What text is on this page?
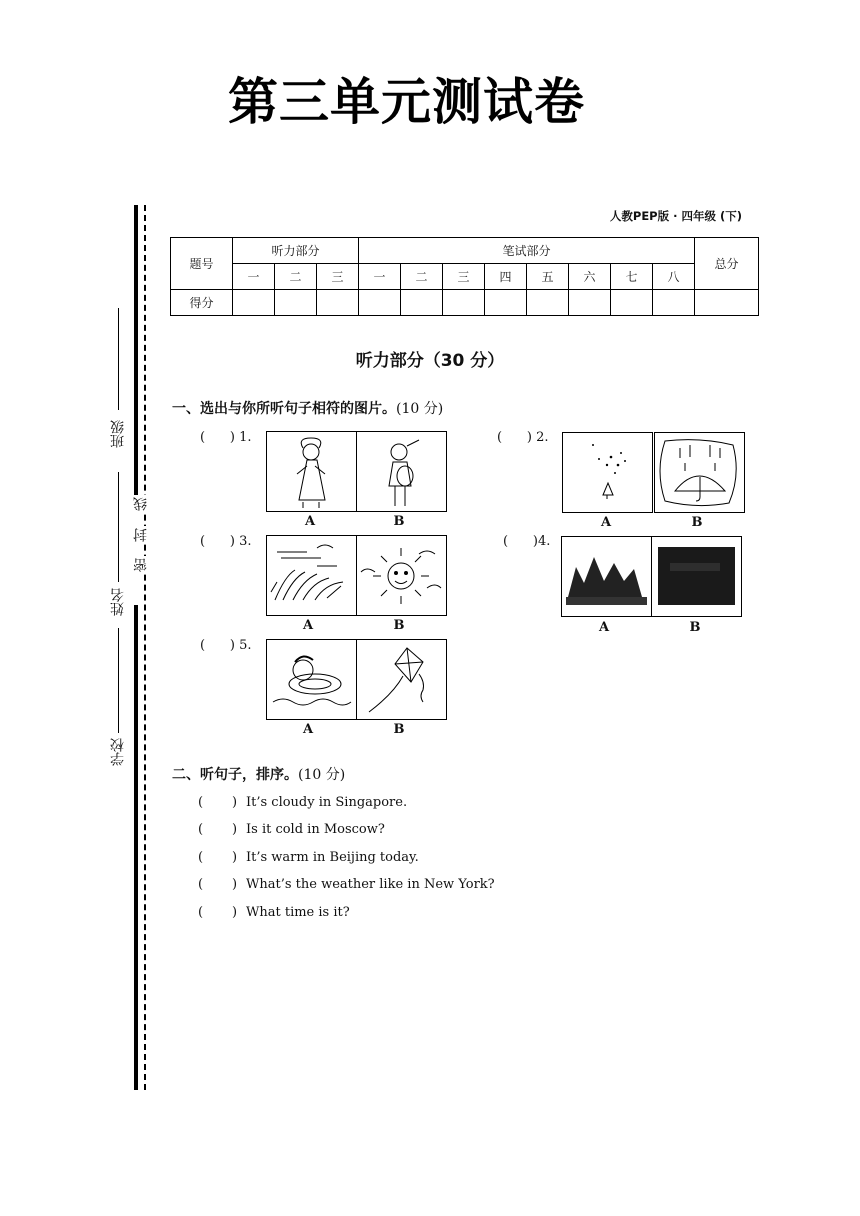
第三单元测试卷
人教PEP版 · 四年级 (下)
班级
姓名
学校
线
封
密
题号	听力部分			笔试部分								总分
	一	二	三	一	二	三	四	五	六	七	八	
得分												
听力部分（30 分）
一、选出与你所听句子相符的图片。(10 分)
(      ) 1.
A	B
(      ) 2.
A	B
(      ) 3.
A	B
(      )4.
A	B
(      ) 5.
A	B
二、听句子，排序。(10 分)
(       ) It’s cloudy in Singapore.
(       ) Is it cold in Moscow?
(       ) It’s warm in Beijing today.
(       ) What’s the weather like in New York?
(       ) What time is it?
